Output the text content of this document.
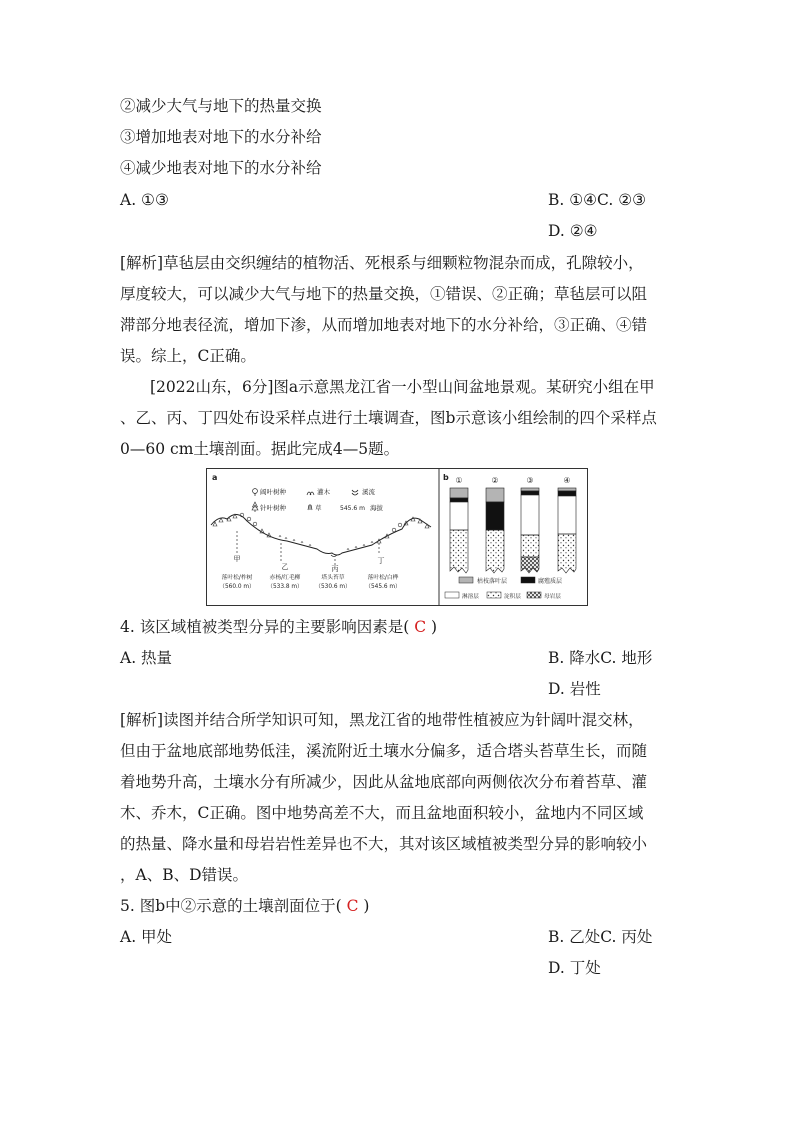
②减少大气与地下的热量交换
③增加地表对地下的水分补给
④减少地表对地下的水分补给
A. ①③	B. ①④C. ②③
D. ②④
[解析]草毡层由交织缠结的植物活、死根系与细颗粒物混杂而成，孔隙较小，
厚度较大，可以减少大气与地下的热量交换，①错误、②正确；草毡层可以阻
滞部分地表径流，增加下渗，从而增加地表对地下的水分补给，③正确、④错
误。综上，C正确。
[2022山东，6分]图a示意黑龙江省一小型山间盆地景观。某研究小组在甲
、乙、丙、丁四处布设采样点进行土壤调查，图b示意该小组绘制的四个采样点
0—60 cm土壤剖面。据此完成4—5题。
a
阔叶树种	灌木	溪流
针叶树种	草	545.6 m 海拔
甲
落叶松/柞树
（560.0 m）
乙
赤杨/红毛柳
（533.8 m）
丙
塔头苔草
（530.6 m）
丁
落叶松/白桦
（545.6 m）
b ①	②	③	④
枯枝落叶层	腐殖质层
淋溶层	淀积层	母岩层
4. 该区域植被类型分异的主要影响因素是( C )
A. 热量	B. 降水C. 地形
D. 岩性
[解析]读图并结合所学知识可知，黑龙江省的地带性植被应为针阔叶混交林，
但由于盆地底部地势低洼，溪流附近土壤水分偏多，适合塔头苔草生长，而随
着地势升高，土壤水分有所减少，因此从盆地底部向两侧依次分布着苔草、灌
木、乔木，C正确。图中地势高差不大，而且盆地面积较小，盆地内不同区域
的热量、降水量和母岩岩性差异也不大，其对该区域植被类型分异的影响较小
，A、B、D错误。
5. 图b中②示意的土壤剖面位于( C )
A. 甲处	B. 乙处C. 丙处
D. 丁处
